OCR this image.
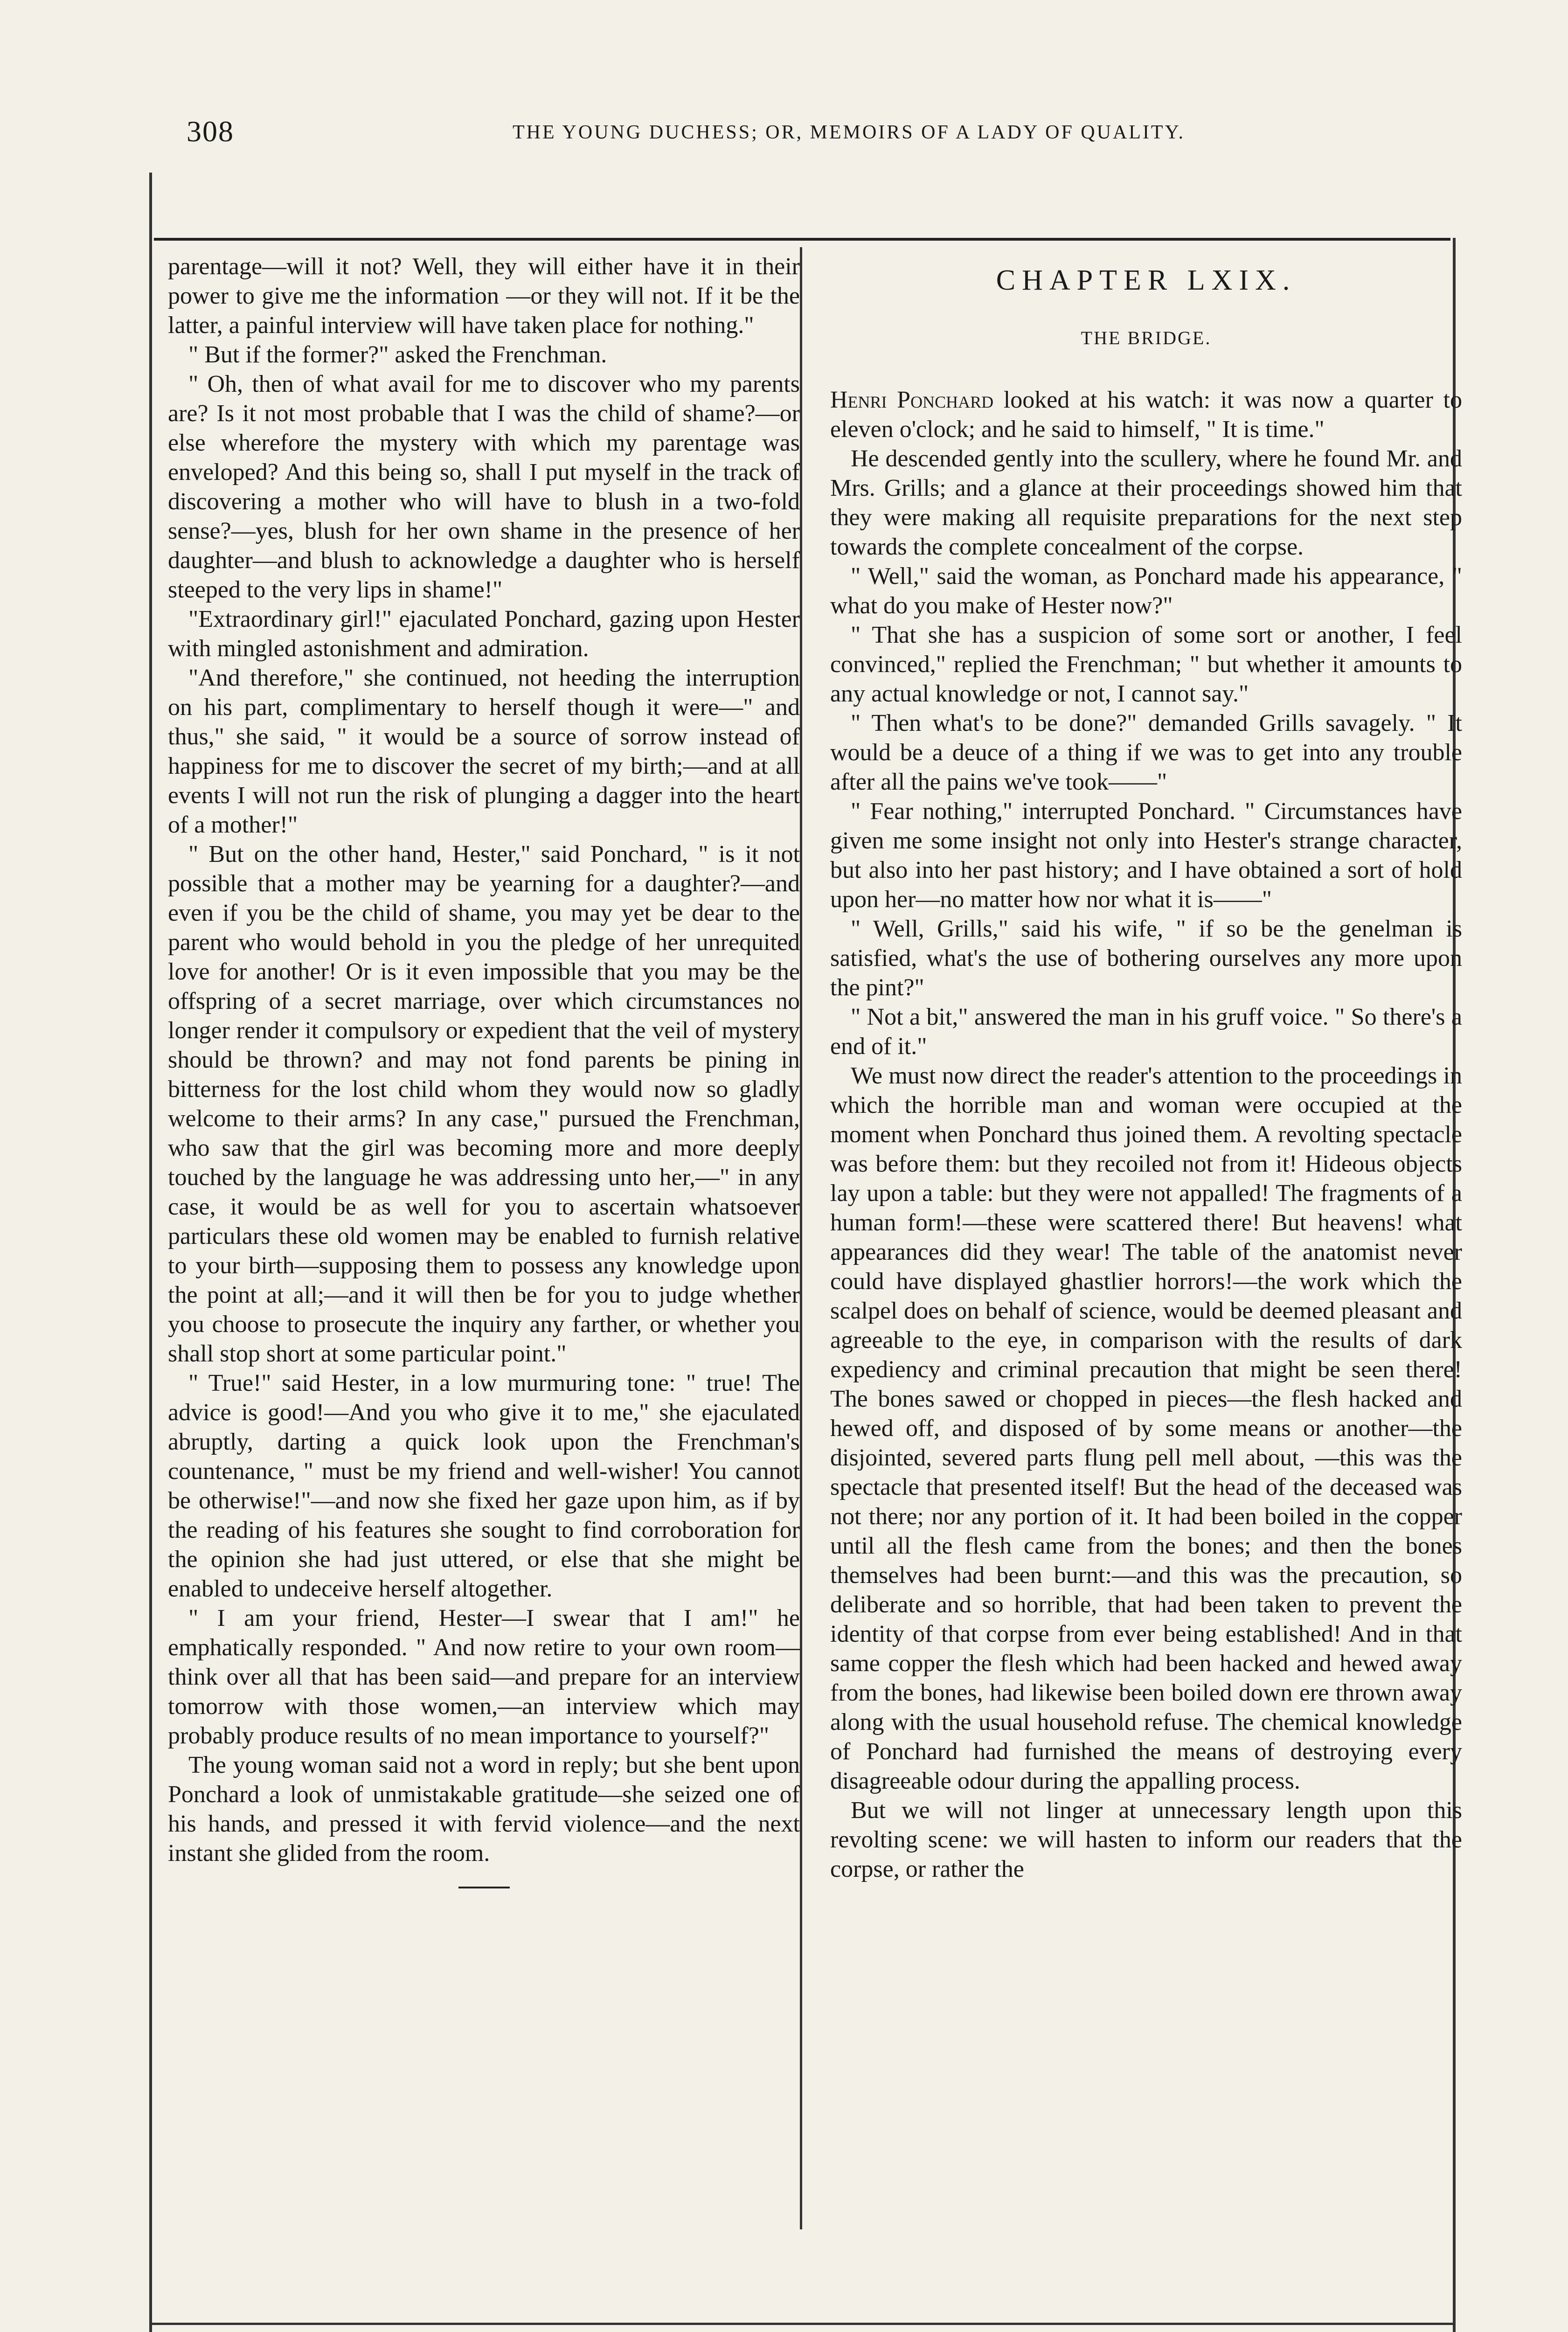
308	THE YOUNG DUCHESS; OR, MEMOIRS OF A LADY OF QUALITY.

parentage—will it not? Well, they will either have it in their power to give me the information —or they will not. If it be the latter, a painful interview will have taken place for nothing."

" But if the former?" asked the Frenchman.

" Oh, then of what avail for me to discover who my parents are? Is it not most probable that I was the child of shame?—or else wherefore the mystery with which my parentage was enveloped? And this being so, shall I put myself in the track of discovering a mother who will have to blush in a two-fold sense?—yes, blush for her own shame in the presence of her daughter—and blush to acknowledge a daughter who is herself steeped to the very lips in shame!"

"Extraordinary girl!" ejaculated Ponchard, gazing upon Hester with mingled astonishment and admiration.

"And therefore," she continued, not heeding the interruption on his part, complimentary to herself though it were—" and thus," she said, " it would be a source of sorrow instead of happiness for me to discover the secret of my birth;—and at all events I will not run the risk of plunging a dagger into the heart of a mother!"

" But on the other hand, Hester," said Ponchard, " is it not possible that a mother may be yearning for a daughter?—and even if you be the child of shame, you may yet be dear to the parent who would behold in you the pledge of her unrequited love for another! Or is it even impossible that you may be the offspring of a secret marriage, over which circumstances no longer render it compulsory or expedient that the veil of mystery should be thrown? and may not fond parents be pining in bitterness for the lost child whom they would now so gladly welcome to their arms? In any case," pursued the Frenchman, who saw that the girl was becoming more and more deeply touched by the language he was addressing unto her,—" in any case, it would be as well for you to ascertain whatsoever particulars these old women may be enabled to furnish relative to your birth—supposing them to possess any knowledge upon the point at all;—and it will then be for you to judge whether you choose to prosecute the inquiry any farther, or whether you shall stop short at some particular point."

" True!" said Hester, in a low murmuring tone: " true! The advice is good!—And you who give it to me," she ejaculated abruptly, darting a quick look upon the Frenchman's countenance, " must be my friend and well-wisher! You cannot be otherwise!"—and now she fixed her gaze upon him, as if by the reading of his features she sought to find corroboration for the opinion she had just uttered, or else that she might be enabled to undeceive herself altogether.

" I am your friend, Hester—I swear that I am!" he emphatically responded. " And now retire to your own room—think over all that has been said—and prepare for an interview tomorrow with those women,—an interview which may probably produce results of no mean importance to yourself?"

The young woman said not a word in reply; but she bent upon Ponchard a look of unmistakable gratitude—she seized one of his hands, and pressed it with fervid violence—and the next instant she glided from the room.

CHAPTER LXIX.
THE BRIDGE.

Henri Ponchard looked at his watch: it was now a quarter to eleven o'clock; and he said to himself, " It is time."

He descended gently into the scullery, where he found Mr. and Mrs. Grills; and a glance at their proceedings showed him that they were making all requisite preparations for the next step towards the complete concealment of the corpse.

" Well," said the woman, as Ponchard made his appearance, " what do you make of Hester now?"

" That she has a suspicion of some sort or another, I feel convinced," replied the Frenchman; " but whether it amounts to any actual knowledge or not, I cannot say."

" Then what's to be done?" demanded Grills savagely. " It would be a deuce of a thing if we was to get into any trouble after all the pains we've took——"

" Fear nothing," interrupted Ponchard. " Circumstances have given me some insight not only into Hester's strange character, but also into her past history; and I have obtained a sort of hold upon her—no matter how nor what it is——"

" Well, Grills," said his wife, " if so be the genelman is satisfied, what's the use of bothering ourselves any more upon the pint?"

" Not a bit," answered the man in his gruff voice. " So there's a end of it."

We must now direct the reader's attention to the proceedings in which the horrible man and woman were occupied at the moment when Ponchard thus joined them. A revolting spectacle was before them: but they recoiled not from it! Hideous objects lay upon a table: but they were not appalled! The fragments of a human form!—these were scattered there! But heavens! what appearances did they wear! The table of the anatomist never could have displayed ghastlier horrors!—the work which the scalpel does on behalf of science, would be deemed pleasant and agreeable to the eye, in comparison with the results of dark expediency and criminal precaution that might be seen there! The bones sawed or chopped in pieces—the flesh hacked and hewed off, and disposed of by some means or another—the disjointed, severed parts flung pell mell about, —this was the spectacle that presented itself! But the head of the deceased was not there; nor any portion of it. It had been boiled in the copper until all the flesh came from the bones; and then the bones themselves had been burnt:—and this was the precaution, so deliberate and so horrible, that had been taken to prevent the identity of that corpse from ever being established! And in that same copper the flesh which had been hacked and hewed away from the bones, had likewise been boiled down ere thrown away along with the usual household refuse. The chemical knowledge of Ponchard had furnished the means of destroying every disagreeable odour during the appalling process.

But we will not linger at unnecessary length upon this revolting scene: we will hasten to inform our readers that the corpse, or rather the
